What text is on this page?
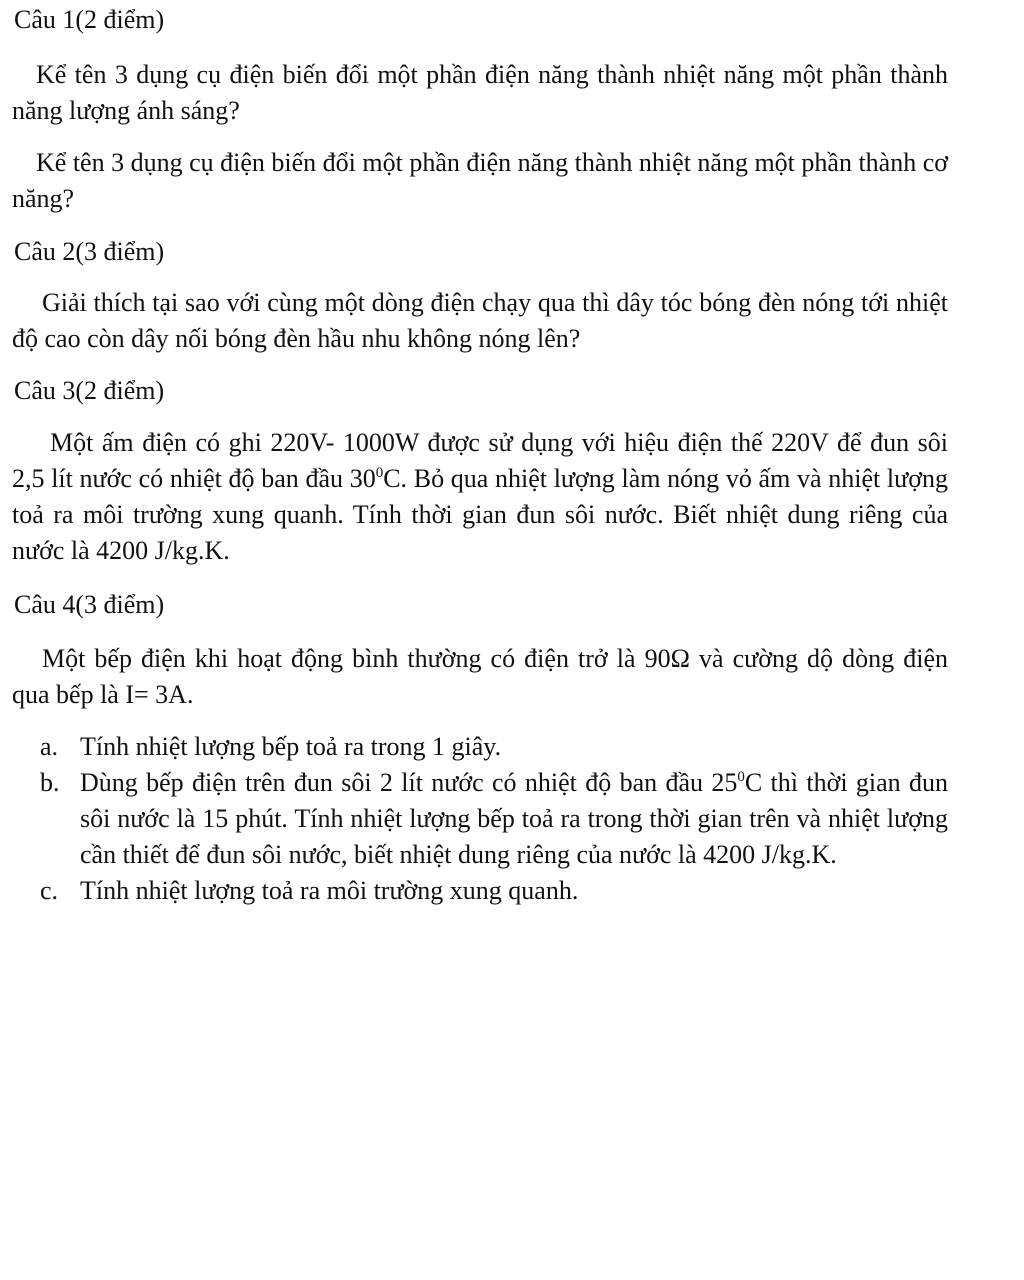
Câu 1(2 điểm)

Kể tên 3 dụng cụ điện biến đổi một phần điện năng thành nhiệt năng một phần thành năng lượng ánh sáng?

Kể tên 3 dụng cụ điện biến đổi một phần điện năng thành nhiệt năng một phần thành cơ năng?

Câu 2(3 điểm)

Giải thích tại sao với cùng một dòng điện chạy qua thì dây tóc bóng đèn nóng tới nhiệt độ cao còn dây nối bóng đèn hầu nhu không nóng lên?

Câu 3(2 điểm)

Một ấm điện có ghi 220V- 1000W được sử dụng với hiệu điện thế 220V để đun sôi 2,5 lít nước có nhiệt độ ban đầu $30^0C$. Bỏ qua nhiệt lượng làm nóng vỏ ấm và nhiệt lượng toả ra môi trường xung quanh. Tính thời gian đun sôi nước. Biết nhiệt dung riêng của nước là 4200 J/kg.K.

Câu 4(3 điểm)

Một bếp điện khi hoạt động bình thường có điện trở là 90Ω và cường dộ dòng điện qua bếp là I= 3A.

a. Tính nhiệt lượng bếp toả ra trong 1 giây.
b. Dùng bếp điện trên đun sôi 2 lít nước có nhiệt độ ban đầu $25^0C$ thì thời gian đun sôi nước là 15 phút. Tính nhiệt lượng bếp toả ra trong thời gian trên và nhiệt lượng cần thiết để đun sôi nước, biết nhiệt dung riêng của nước là 4200 J/kg.K.
c. Tính nhiệt lượng toả ra môi trường xung quanh.
